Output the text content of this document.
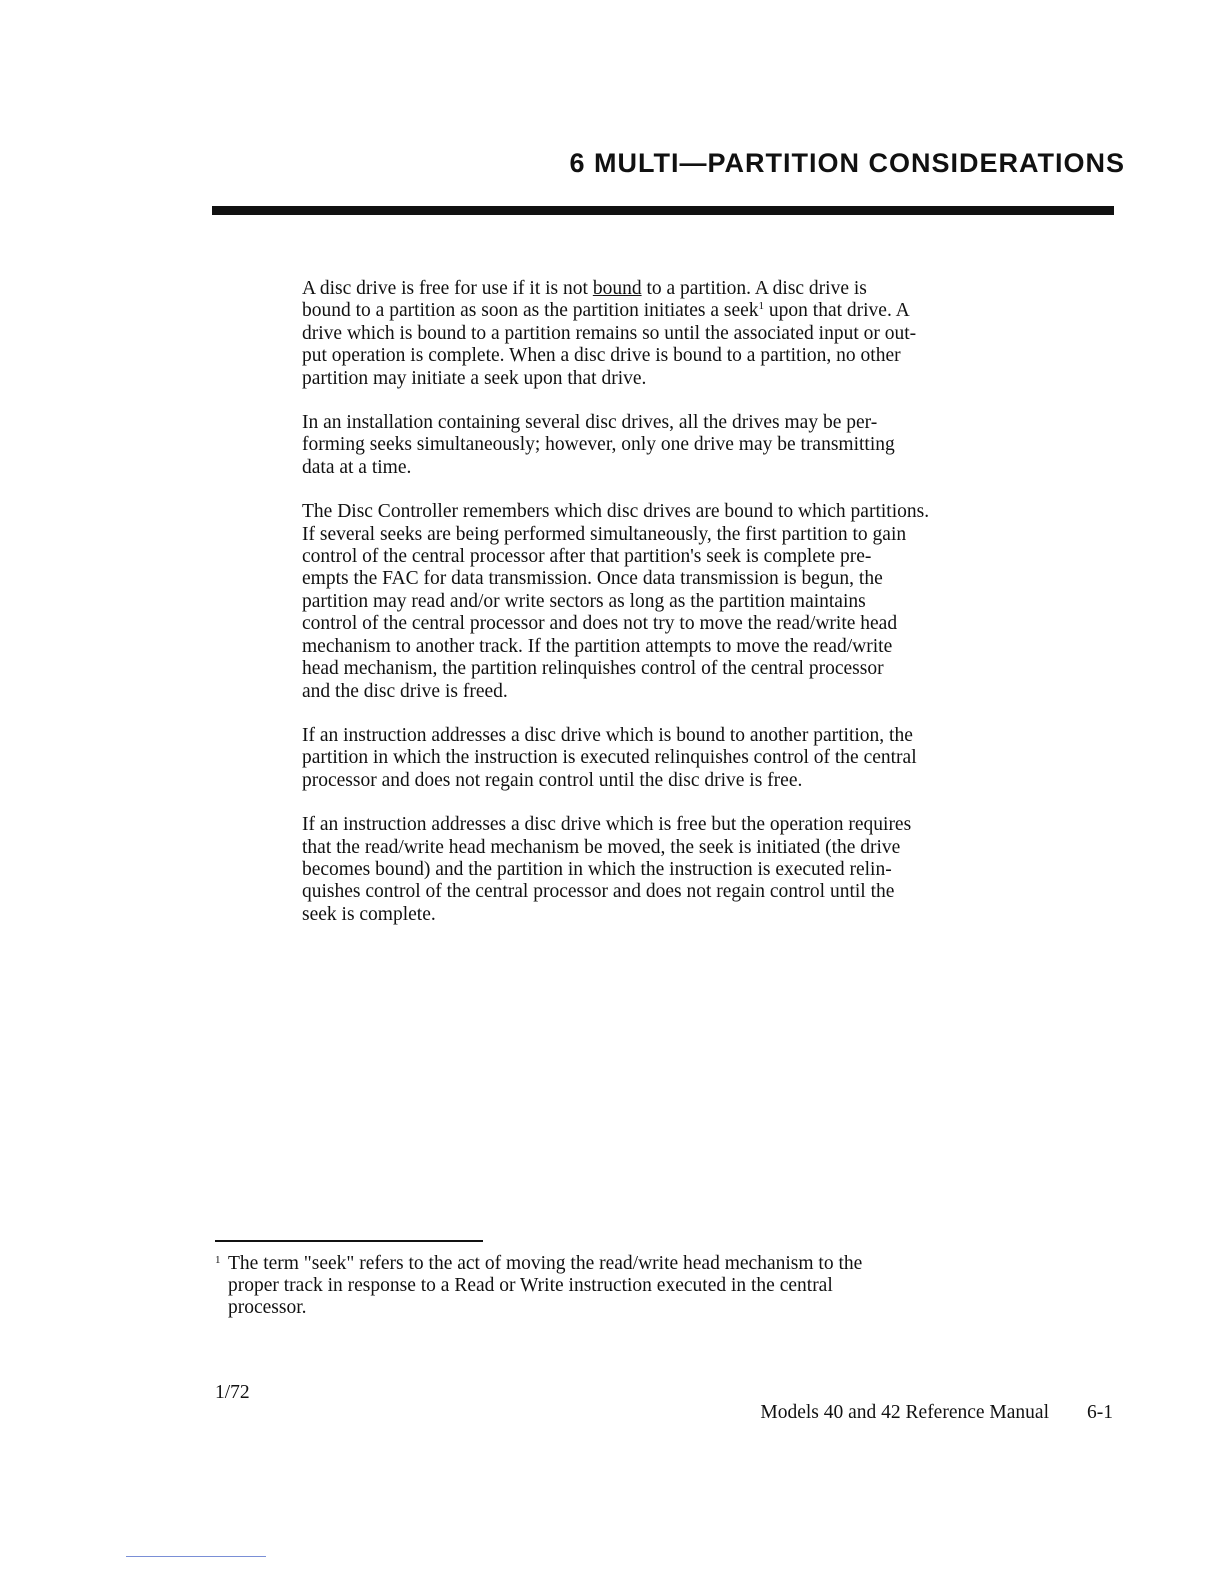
6 MULTI—PARTITION CONSIDERATIONS

A disc drive is free for use if it is not bound to a partition. A disc drive is
bound to a partition as soon as the partition initiates a seek$^1$ upon that drive. A
drive which is bound to a partition remains so until the associated input or out-
put operation is complete. When a disc drive is bound to a partition, no other
partition may initiate a seek upon that drive.

In an installation containing several disc drives, all the drives may be per-
forming seeks simultaneously; however, only one drive may be transmitting
data at a time.

The Disc Controller remembers which disc drives are bound to which partitions.
If several seeks are being performed simultaneously, the first partition to gain
control of the central processor after that partition's seek is complete pre-
empts the FAC for data transmission. Once data transmission is begun, the
partition may read and/or write sectors as long as the partition maintains
control of the central processor and does not try to move the read/write head
mechanism to another track. If the partition attempts to move the read/write
head mechanism, the partition relinquishes control of the central processor
and the disc drive is freed.

If an instruction addresses a disc drive which is bound to another partition, the
partition in which the instruction is executed relinquishes control of the central
processor and does not regain control until the disc drive is free.

If an instruction addresses a disc drive which is free but the operation requires
that the read/write head mechanism be moved, the seek is initiated (the drive
becomes bound) and the partition in which the instruction is executed relin-
quishes control of the central processor and does not regain control until the
seek is complete.

1 The term "seek" refers to the act of moving the read/write head mechanism to the
proper track in response to a Read or Write instruction executed in the central
processor.
1/72
Models 40 and 42 Reference Manual 6-1
